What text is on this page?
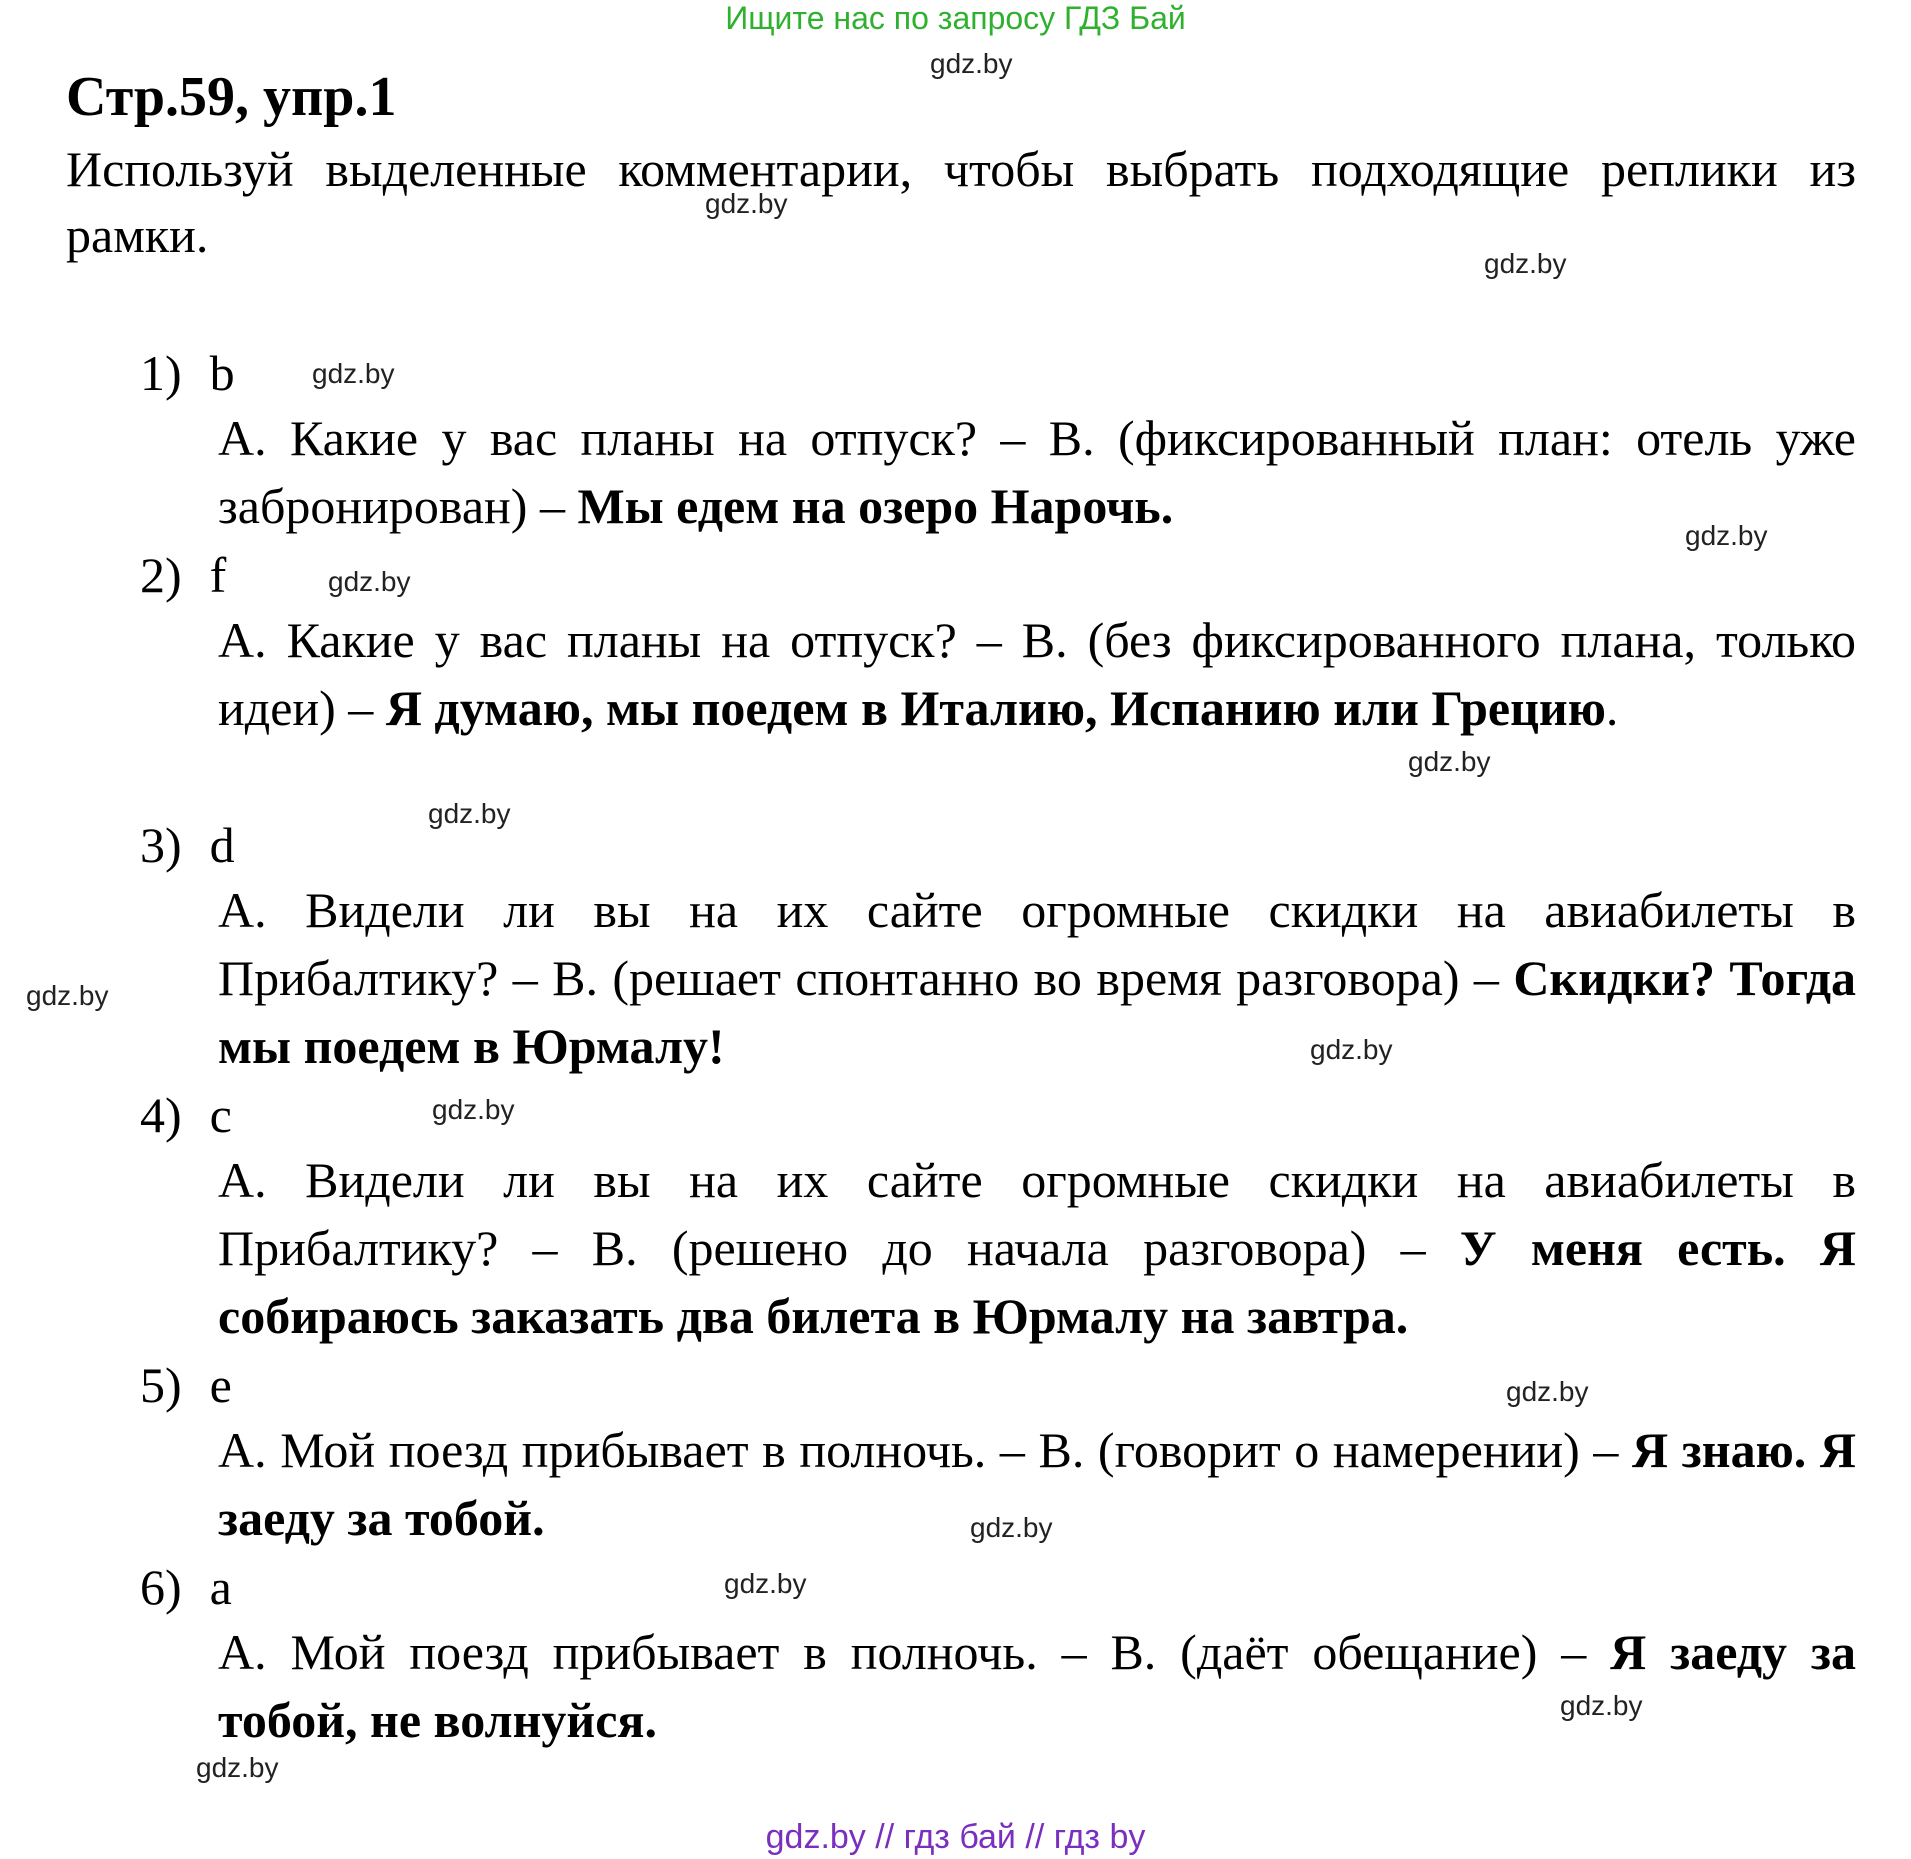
Ищите нас по запросу ГДЗ Бай
Стр.59, упр.1
Используй выделенные комментарии, чтобы выбрать подходящие реплики из рамки.
1) b
А. Какие у вас планы на отпуск? – В. (фиксированный план: отель уже забронирован) – Мы едем на озеро Нарочь.
2) f
А. Какие у вас планы на отпуск? – В. (без фиксированного плана, только идеи) – Я думаю, мы поедем в Италию, Испанию или Грецию.
3) d
А. Видели ли вы на их сайте огромные скидки на авиабилеты в Прибалтику? – В. (решает спонтанно во время разговора) – Скидки? Тогда мы поедем в Юрмалу!
4) c
А. Видели ли вы на их сайте огромные скидки на авиабилеты в Прибалтику? – В. (решено до начала разговора) – У меня есть. Я собираюсь заказать два билета в Юрмалу на завтра.
5) e
А. Мой поезд прибывает в полночь. – В. (говорит о намерении) – Я знаю. Я заеду за тобой.
6) a
А. Мой поезд прибывает в полночь. – В. (даёт обещание) – Я заеду за тобой, не волнуйся.
gdz.by
gdz.by
gdz.by
gdz.by
gdz.by
gdz.by
gdz.by
gdz.by
gdz.by
gdz.by
gdz.by
gdz.by
gdz.by
gdz.by
gdz.by
gdz.by
gdz.by // гдз бай // гдз by
